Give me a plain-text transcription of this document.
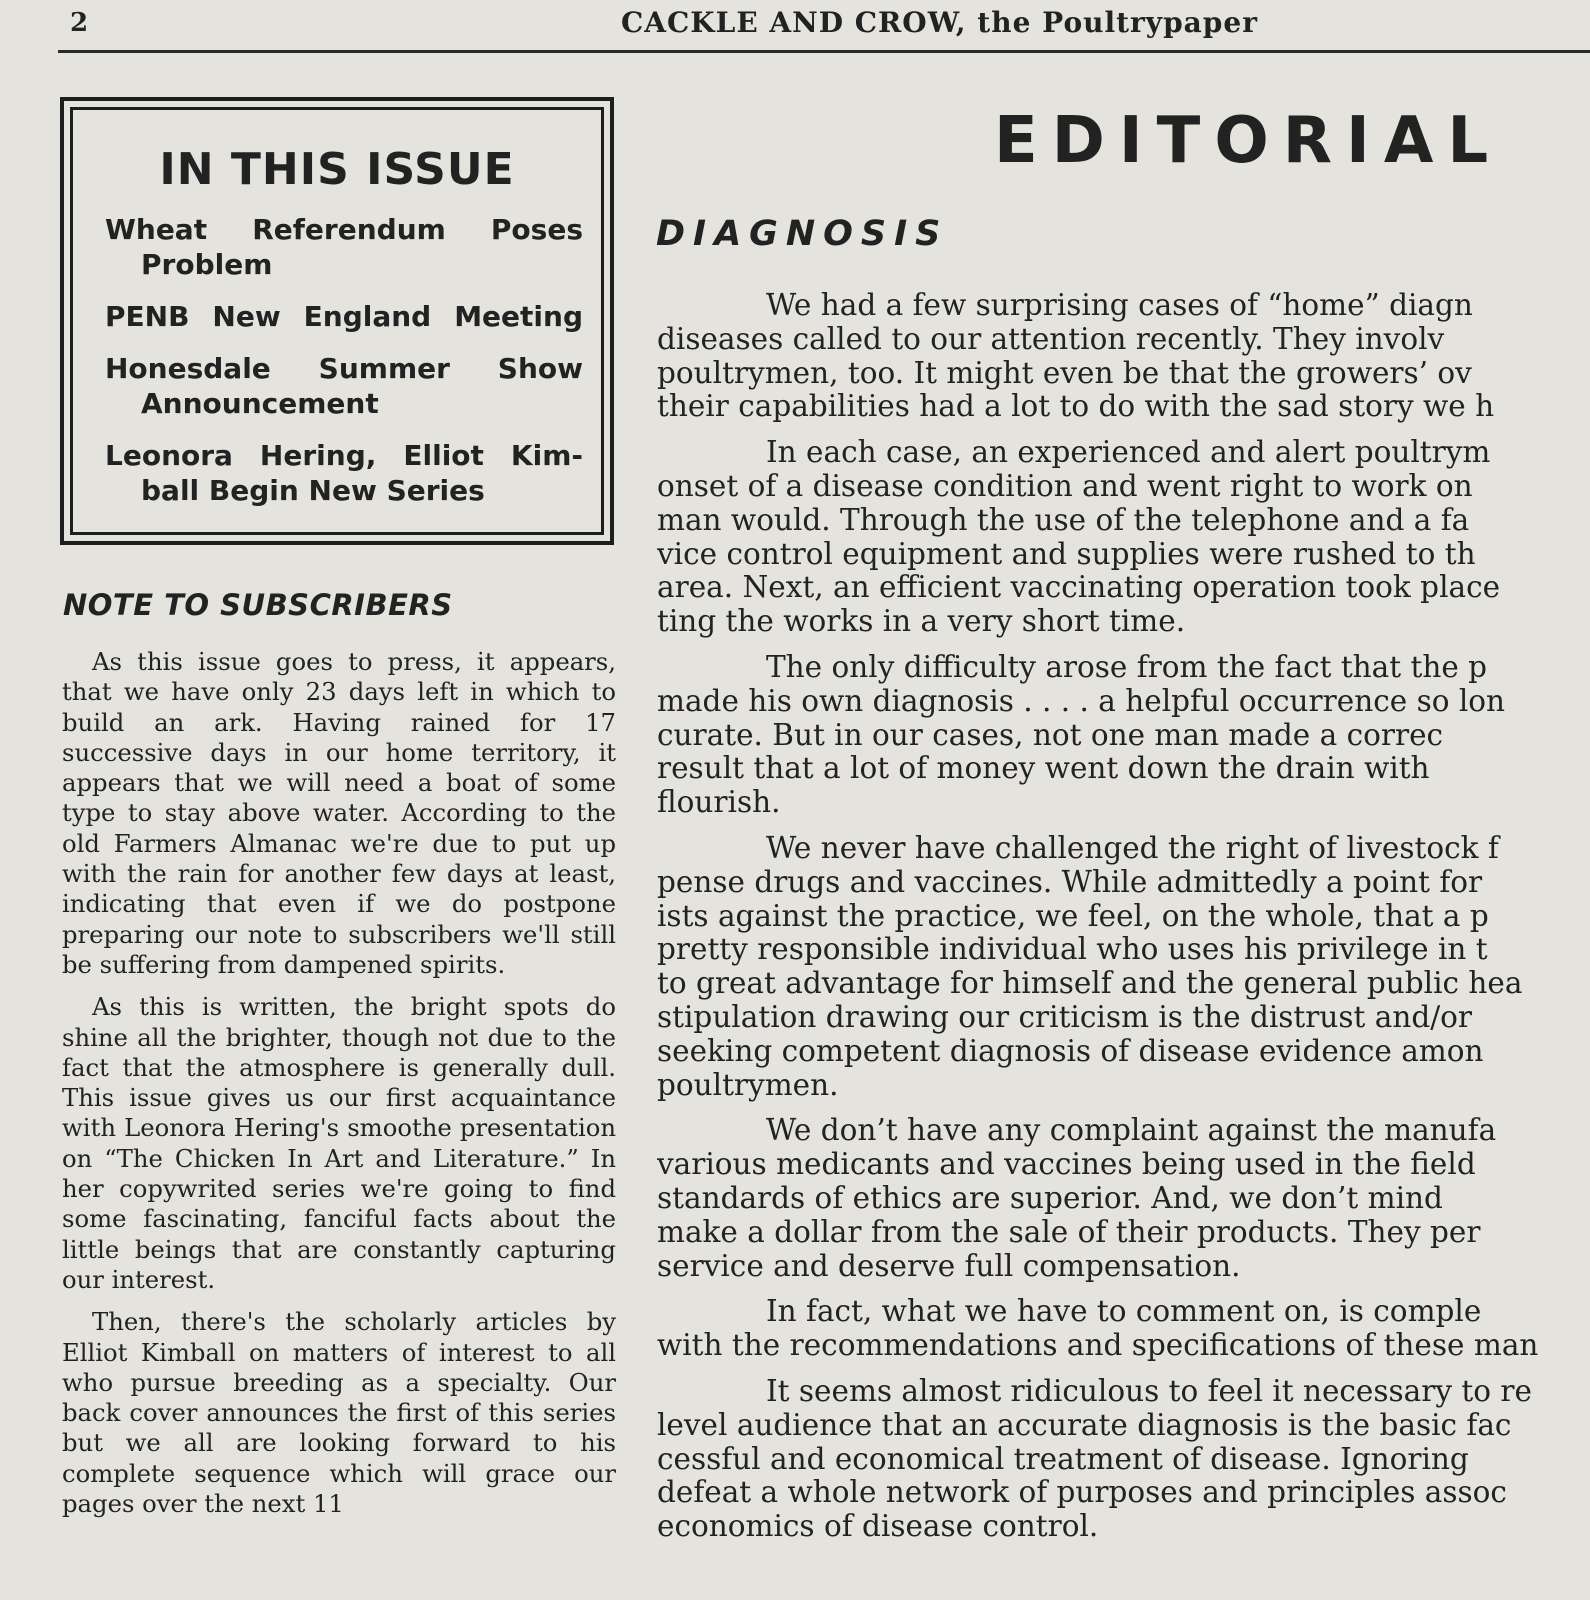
2	CACKLE AND CROW, the Poultrypaper
IN THIS ISSUE
Wheat Referendum Poses
Problem
PENB New England Meeting
Honesdale Summer Show
Announcement
Leonora Hering, Elliot Kim-
ball Begin New Series
NOTE TO SUBSCRIBERS

As this issue goes to press, it appears, that we have only 23 days left in which to build an ark. Having rained for 17 successive days in our home territory, it appears that we will need a boat of some type to stay above water. According to the old Farmers Almanac we're due to put up with the rain for another few days at least, indicating that even if we do postpone preparing our note to subscribers we'll still be suffering from dampened spirits.

As this is written, the bright spots do shine all the brighter, though not due to the fact that the atmosphere is generally dull. This issue gives us our first acquaintance with Leonora Hering's smoothe presentation on “The Chicken In Art and Literature.” In her copywrited series we're going to find some fascinating, fanciful facts about the little beings that are constantly capturing our interest.

Then, there's the scholarly articles by Elliot Kimball on matters of interest to all who pursue breeding as a specialty. Our back cover announces the first of this series but we all are looking forward to his complete sequence which will grace our pages over the next 11

EDITORIAL
DIAGNOSIS
We had a few surprising cases of “home” diagn
diseases called to our attention recently. They involv
poultrymen, too. It might even be that the growers’ ov
their capabilities had a lot to do with the sad story we h
In each case, an experienced and alert poultrym
onset of a disease condition and went right to work on
man would. Through the use of the telephone and a fa
vice control equipment and supplies were rushed to th
area. Next, an efficient vaccinating operation took place
ting the works in a very short time.
The only difficulty arose from the fact that the p
made his own diagnosis . . . . a helpful occurrence so lon
curate. But in our cases, not one man made a correc
result that a lot of money went down the drain with
flourish.
We never have challenged the right of livestock f
pense drugs and vaccines. While admittedly a point for
ists against the practice, we feel, on the whole, that a p
pretty responsible individual who uses his privilege in t
to great advantage for himself and the general public hea
stipulation drawing our criticism is the distrust and/or
seeking competent diagnosis of disease evidence amon
poultrymen.
We don’t have any complaint against the manufa
various medicants and vaccines being used in the field
standards of ethics are superior. And, we don’t mind
make a dollar from the sale of their products. They per
service and deserve full compensation.
In fact, what we have to comment on, is comple
with the recommendations and specifications of these man
It seems almost ridiculous to feel it necessary to re
level audience that an accurate diagnosis is the basic fac
cessful and economical treatment of disease. Ignoring
defeat a whole network of purposes and principles assoc
economics of disease control.
